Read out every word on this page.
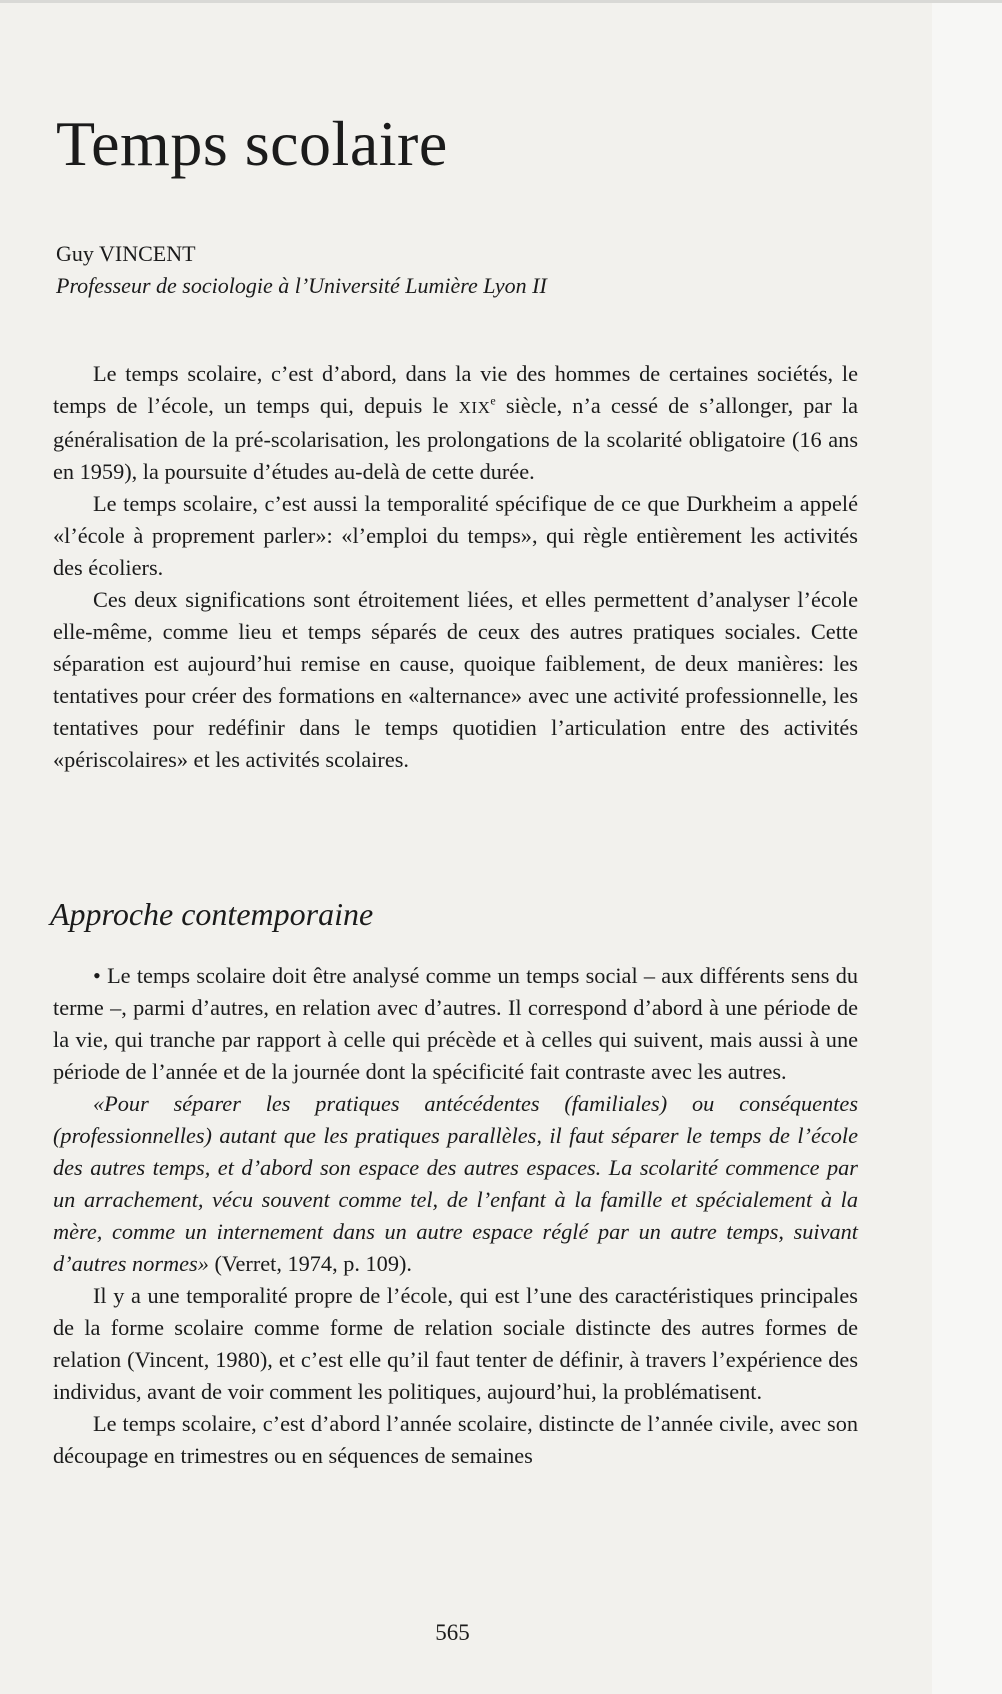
Temps scolaire
Guy VINCENT
Professeur de sociologie à l’Université Lumière Lyon II

Le temps scolaire, c’est d’abord, dans la vie des hommes de certaines sociétés, le temps de l’école, un temps qui, depuis le XIXe siècle, n’a cessé de s’allonger, par la généralisation de la pré-scolarisation, les prolongations de la scolarité obligatoire (16 ans en 1959), la poursuite d’études au-delà de cette durée.

Le temps scolaire, c’est aussi la temporalité spécifique de ce que Durkheim a appelé «l’école à proprement parler»: «l’emploi du temps», qui règle entièrement les activités des écoliers.

Ces deux significations sont étroitement liées, et elles permettent d’analyser l’école elle-même, comme lieu et temps séparés de ceux des autres pratiques sociales. Cette séparation est aujourd’hui remise en cause, quoique faiblement, de deux manières: les tentatives pour créer des formations en «alternance» avec une activité professionnelle, les tentatives pour redéfinir dans le temps quotidien l’articulation entre des activités «périscolaires» et les activités scolaires.

Approche contemporaine

• Le temps scolaire doit être analysé comme un temps social – aux différents sens du terme –, parmi d’autres, en relation avec d’autres. Il correspond d’abord à une période de la vie, qui tranche par rapport à celle qui précède et à celles qui suivent, mais aussi à une période de l’année et de la journée dont la spécificité fait contraste avec les autres.

«Pour séparer les pratiques antécédentes (familiales) ou conséquentes (professionnelles) autant que les pratiques parallèles, il faut séparer le temps de l’école des autres temps, et d’abord son espace des autres espaces. La scolarité commence par un arrachement, vécu souvent comme tel, de l’enfant à la famille et spécialement à la mère, comme un internement dans un autre espace réglé par un autre temps, suivant d’autres normes» (Verret, 1974, p. 109).

Il y a une temporalité propre de l’école, qui est l’une des caractéristiques principales de la forme scolaire comme forme de relation sociale distincte des autres formes de relation (Vincent, 1980), et c’est elle qu’il faut tenter de définir, à travers l’expérience des individus, avant de voir comment les politiques, aujourd’hui, la problématisent.

Le temps scolaire, c’est d’abord l’année scolaire, distincte de l’année civile, avec son découpage en trimestres ou en séquences de semaines

565
